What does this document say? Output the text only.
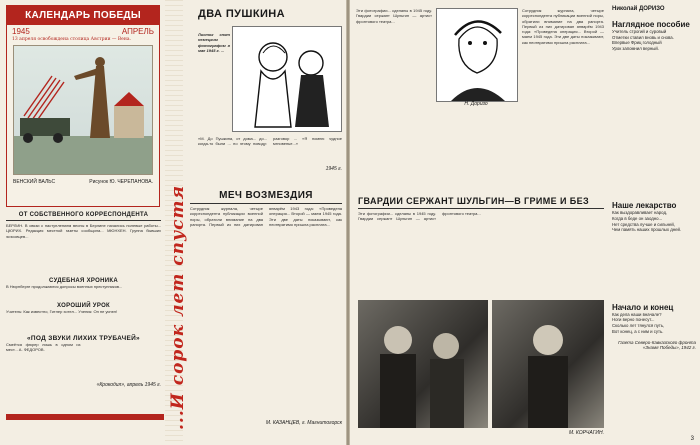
КАЛЕНДАРЬ ПОБЕДЫ
1945	АПРЕЛЬ
13 апреля освобождена столица Австрии — Вена.
ВЕНСКИЙ ВАЛЬС	Рисунок Ю. ЧЕРЕПАНОВА.
ОТ СОБСТВЕННОГО КОРРЕСПОНДЕНТА
БЕРЛИН. В связи с наступлением весны в Берлине начались полевые работы... ЦЮРИХ. Редакция местной газеты сообщила... МЮНХЕН. Группа бывших эсэсовцев...
СУДЕБНАЯ ХРОНИКА
В Нюрнберге продолжаются допросы военных преступников...
ХОРОШИЙ УРОК
Учитель: Как известно, Гитлер хотел... Ученик: Он не успел!
«ПОД ЗВУКИ ЛИХИХ ТРУБАЧЕЙ»
Смеётся фюрер лишь в одном из мест... А. ФЕДОРОВ.
«Крокодил», апрель 1945 г. ...И сорок лет спустя
ДВА ПУШКИНА
Листок снят немецким фотографом в мае 1945 г. ...
«М. До Пушкина, от дома... до... когда-то были ... по этому поводу: разговор ... «Я помню чудное мгновенье...»
1945 г.
МЕЧ ВОЗМЕЗДИЯ
Сотрудник журнала, четыре корреспондента публикации военной поры, обратили внимание на два рапорта. Первый из них датирован январём 1943 года: «Проведена операция... Второй — маем 1945 года. Эти две даты показывают, как неотвратимо пришла расплата...
М. КАЗАНЦЕВ, г. Магнитогорск
Н. Доризо
Эти фотографии... сделаны в 1945 году. Гвардии сержант Шульгин — артист фронтового театра...
Сотрудник журнала, четыре корреспондента публикации военной поры, обратили внимание на два рапорта. Первый из них датирован январём 1943 года: «Проведена операция... Второй — маем 1945 года. Эти две даты показывают, как неотвратимо пришла расплата...
ГВАРДИИ СЕРЖАНТ ШУЛЬГИН—В ГРИМЕ И БЕЗ
Эти фотографии... сделаны в 1945 году. Гвардии сержант Шульгин — артист фронтового театра...
М. КОРЧАГИН.
Николай ДОРИЗО
Наглядное пособие
Учитель строгий и суровый
Отметки ставил вновь и снова.
Впервые Фриц голодный
Урок запомнил верный.
Наше лекарство
Как выздоравливает народ,
Когда в беде он заодно...
Нет средства лучше и сильней,
Чем память наших прошлых дней.
Начало и конец
Как дела наши вначале?
Ноги верно понесут...
Сколько лет тянулся путь,
Вот конец, а с ним и суть.
Газета Северо-Кавказского фронта «Знамя Победы», 1942 г.
3
